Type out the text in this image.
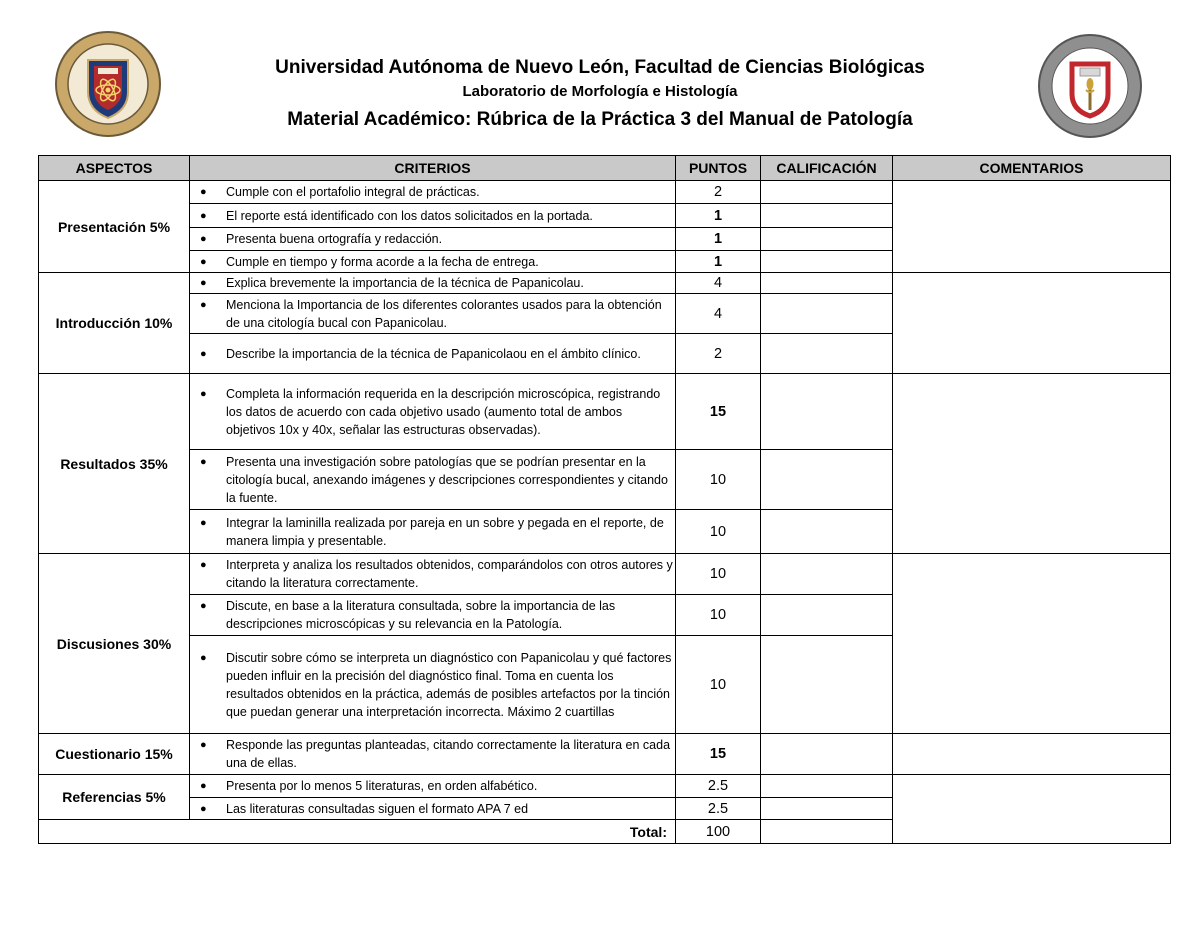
Universidad Autónoma de Nuevo León, Facultad de Ciencias Biológicas
Laboratorio de Morfología e Histología
Material Académico: Rúbrica de la Práctica 3 del Manual de Patología
ASPECTOS	CRITERIOS	PUNTOS	CALIFICACIÓN	COMENTARIOS
Presentación 5%	● Cumple con el portafolio integral de prácticas.	2		

	● El reporte está identificado con los datos solicitados en la portada.	1		

	● Presenta buena ortografía y redacción.	1		

	● Cumple en tiempo y forma acorde a la fecha de entrega.	1		
Introducción 10%	● Explica brevemente la importancia de la técnica de Papanicolau.	4		

	● Menciona la Importancia de los diferentes colorantes usados para la obtención de una citología bucal con Papanicolau.	4		

	● Describe la importancia de la técnica de Papanicolaou en el ámbito clínico.	2		
Resultados 35%	● Completa la información requerida en la descripción microscópica, registrando los datos de acuerdo con cada objetivo usado (aumento total de ambos objetivos 10x y 40x, señalar las estructuras observadas).	15		

	● Presenta una investigación sobre patologías que se podrían presentar en la citología bucal, anexando imágenes y descripciones correspondientes y citando la fuente.	10		

	● Integrar la laminilla realizada por pareja en un sobre y pegada en el reporte, de manera limpia y presentable.	10		
Discusiones 30%	● Interpreta y analiza los resultados obtenidos, comparándolos con otros autores y citando la literatura correctamente.	10		

	● Discute, en base a la literatura consultada, sobre la importancia de las descripciones microscópicas y su relevancia en la Patología.	10		

	● Discutir sobre cómo se interpreta un diagnóstico con Papanicolau y qué factores pueden influir en la precisión del diagnóstico final. Toma en cuenta los resultados obtenidos en la práctica, además de posibles artefactos por la tinción que puedan generar una interpretación incorrecta. Máximo 2 cuartillas	10		
Cuestionario 15%	● Responde las preguntas planteadas, citando correctamente la literatura en cada una de ellas.	15		
Referencias 5%	● Presenta por lo menos 5 literaturas, en orden alfabético.	2.5		

	● Las literaturas consultadas siguen el formato APA 7 ed	2.5		
Total:		100		
